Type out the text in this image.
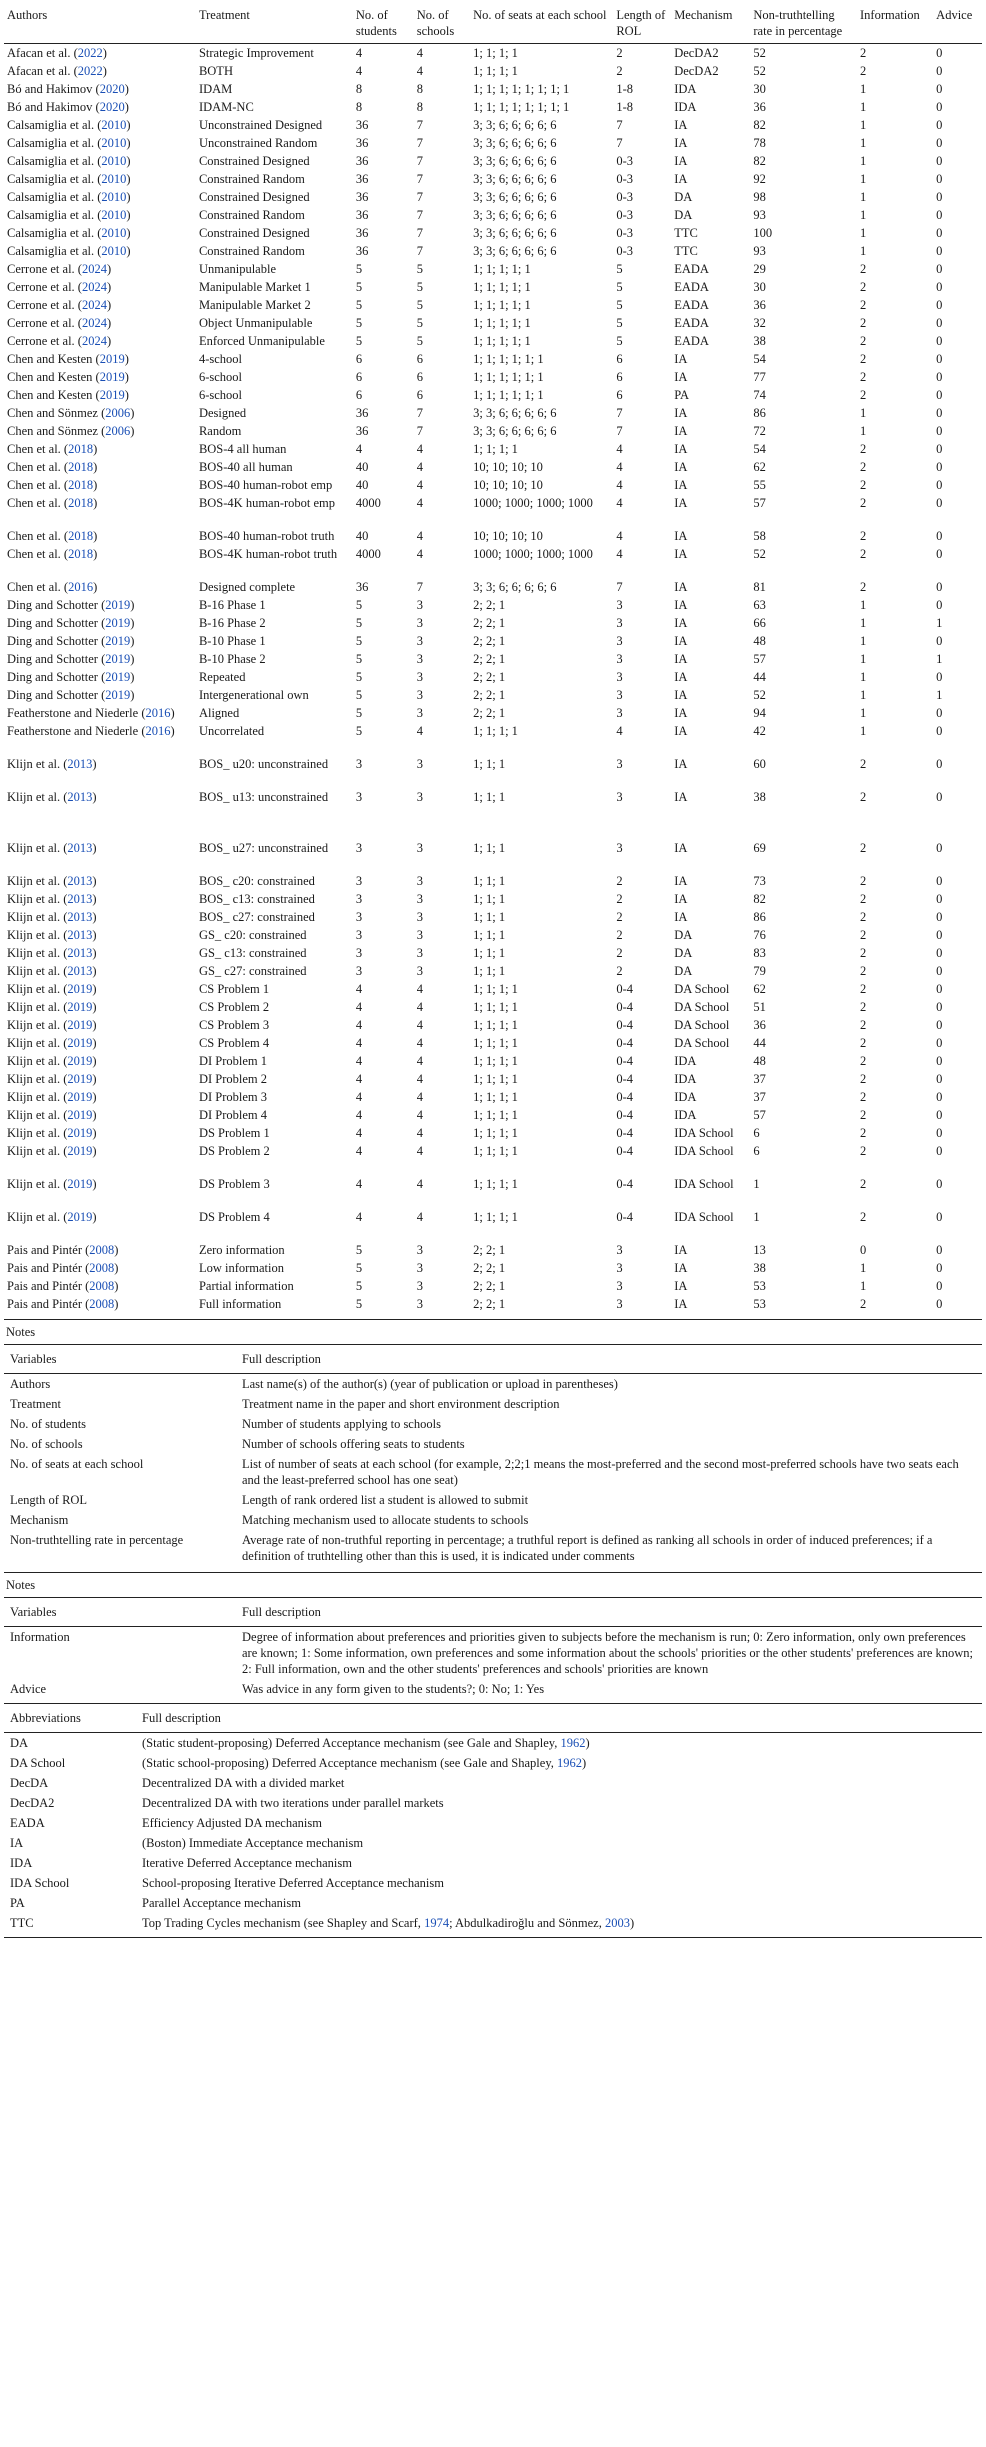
Authors	Treatment	No. of students	No. of schools	No. of seats at each school	Length of ROL	Mechanism	Non-truthtelling rate in percentage	Information	Advice
Afacan et al. (2022)	Strategic Improvement	4	4	1; 1; 1; 1	2	DecDA2	52	2	0
Afacan et al. (2022)	BOTH	4	4	1; 1; 1; 1	2	DecDA2	52	2	0
Bó and Hakimov (2020)	IDAM	8	8	1; 1; 1; 1; 1; 1; 1; 1	1-8	IDA	30	1	0
Bó and Hakimov (2020)	IDAM-NC	8	8	1; 1; 1; 1; 1; 1; 1; 1	1-8	IDA	36	1	0
Calsamiglia et al. (2010)	Unconstrained Designed	36	7	3; 3; 6; 6; 6; 6; 6	7	IA	82	1	0
Calsamiglia et al. (2010)	Unconstrained Random	36	7	3; 3; 6; 6; 6; 6; 6	7	IA	78	1	0
Calsamiglia et al. (2010)	Constrained Designed	36	7	3; 3; 6; 6; 6; 6; 6	0-3	IA	82	1	0
Calsamiglia et al. (2010)	Constrained Random	36	7	3; 3; 6; 6; 6; 6; 6	0-3	IA	92	1	0
Calsamiglia et al. (2010)	Constrained Designed	36	7	3; 3; 6; 6; 6; 6; 6	0-3	DA	98	1	0
Calsamiglia et al. (2010)	Constrained Random	36	7	3; 3; 6; 6; 6; 6; 6	0-3	DA	93	1	0
Calsamiglia et al. (2010)	Constrained Designed	36	7	3; 3; 6; 6; 6; 6; 6	0-3	TTC	100	1	0
Calsamiglia et al. (2010)	Constrained Random	36	7	3; 3; 6; 6; 6; 6; 6	0-3	TTC	93	1	0
Cerrone et al. (2024)	Unmanipulable	5	5	1; 1; 1; 1; 1	5	EADA	29	2	0
Cerrone et al. (2024)	Manipulable Market 1	5	5	1; 1; 1; 1; 1	5	EADA	30	2	0
Cerrone et al. (2024)	Manipulable Market 2	5	5	1; 1; 1; 1; 1	5	EADA	36	2	0
Cerrone et al. (2024)	Object Unmanipulable	5	5	1; 1; 1; 1; 1	5	EADA	32	2	0
Cerrone et al. (2024)	Enforced Unmanipulable	5	5	1; 1; 1; 1; 1	5	EADA	38	2	0
Chen and Kesten (2019)	4-school	6	6	1; 1; 1; 1; 1; 1	6	IA	54	2	0
Chen and Kesten (2019)	6-school	6	6	1; 1; 1; 1; 1; 1	6	IA	77	2	0
Chen and Kesten (2019)	6-school	6	6	1; 1; 1; 1; 1; 1	6	PA	74	2	0
Chen and Sönmez (2006)	Designed	36	7	3; 3; 6; 6; 6; 6; 6	7	IA	86	1	0
Chen and Sönmez (2006)	Random	36	7	3; 3; 6; 6; 6; 6; 6	7	IA	72	1	0
Chen et al. (2018)	BOS-4 all human	4	4	1; 1; 1; 1	4	IA	54	2	0
Chen et al. (2018)	BOS-40 all human	40	4	10; 10; 10; 10	4	IA	62	2	0
Chen et al. (2018)	BOS-40 human-robot emp	40	4	10; 10; 10; 10	4	IA	55	2	0
Chen et al. (2018)	BOS-4K human-robot emp	4000	4	1000; 1000; 1000; 1000	4	IA	57	2	0
Chen et al. (2018)	BOS-40 human-robot truth	40	4	10; 10; 10; 10	4	IA	58	2	0
Chen et al. (2018)	BOS-4K human-robot truth	4000	4	1000; 1000; 1000; 1000	4	IA	52	2	0
Chen et al. (2016)	Designed complete	36	7	3; 3; 6; 6; 6; 6; 6	7	IA	81	2	0
Ding and Schotter (2019)	B-16 Phase 1	5	3	2; 2; 1	3	IA	63	1	0
Ding and Schotter (2019)	B-16 Phase 2	5	3	2; 2; 1	3	IA	66	1	1
Ding and Schotter (2019)	B-10 Phase 1	5	3	2; 2; 1	3	IA	48	1	0
Ding and Schotter (2019)	B-10 Phase 2	5	3	2; 2; 1	3	IA	57	1	1
Ding and Schotter (2019)	Repeated	5	3	2; 2; 1	3	IA	44	1	0
Ding and Schotter (2019)	Intergenerational own	5	3	2; 2; 1	3	IA	52	1	1
Featherstone and Niederle (2016)	Aligned	5	3	2; 2; 1	3	IA	94	1	0
Featherstone and Niederle (2016)	Uncorrelated	5	4	1; 1; 1; 1	4	IA	42	1	0
Klijn et al. (2013)	BOS_ u20: unconstrained	3	3	1; 1; 1	3	IA	60	2	0
Klijn et al. (2013)	BOS_ u13: unconstrained	3	3	1; 1; 1	3	IA	38	2	0
Klijn et al. (2013)	BOS_ u27: unconstrained	3	3	1; 1; 1	3	IA	69	2	0
Klijn et al. (2013)	BOS_ c20: constrained	3	3	1; 1; 1	2	IA	73	2	0
Klijn et al. (2013)	BOS_ c13: constrained	3	3	1; 1; 1	2	IA	82	2	0
Klijn et al. (2013)	BOS_ c27: constrained	3	3	1; 1; 1	2	IA	86	2	0
Klijn et al. (2013)	GS_ c20: constrained	3	3	1; 1; 1	2	DA	76	2	0
Klijn et al. (2013)	GS_ c13: constrained	3	3	1; 1; 1	2	DA	83	2	0
Klijn et al. (2013)	GS_ c27: constrained	3	3	1; 1; 1	2	DA	79	2	0
Klijn et al. (2019)	CS Problem 1	4	4	1; 1; 1; 1	0-4	DA School	62	2	0
Klijn et al. (2019)	CS Problem 2	4	4	1; 1; 1; 1	0-4	DA School	51	2	0
Klijn et al. (2019)	CS Problem 3	4	4	1; 1; 1; 1	0-4	DA School	36	2	0
Klijn et al. (2019)	CS Problem 4	4	4	1; 1; 1; 1	0-4	DA School	44	2	0
Klijn et al. (2019)	DI Problem 1	4	4	1; 1; 1; 1	0-4	IDA	48	2	0
Klijn et al. (2019)	DI Problem 2	4	4	1; 1; 1; 1	0-4	IDA	37	2	0
Klijn et al. (2019)	DI Problem 3	4	4	1; 1; 1; 1	0-4	IDA	37	2	0
Klijn et al. (2019)	DI Problem 4	4	4	1; 1; 1; 1	0-4	IDA	57	2	0
Klijn et al. (2019)	DS Problem 1	4	4	1; 1; 1; 1	0-4	IDA School	6	2	0
Klijn et al. (2019)	DS Problem 2	4	4	1; 1; 1; 1	0-4	IDA School	6	2	0
Klijn et al. (2019)	DS Problem 3	4	4	1; 1; 1; 1	0-4	IDA School	1	2	0
Klijn et al. (2019)	DS Problem 4	4	4	1; 1; 1; 1	0-4	IDA School	1	2	0
Pais and Pintér (2008)	Zero information	5	3	2; 2; 1	3	IA	13	0	0
Pais and Pintér (2008)	Low information	5	3	2; 2; 1	3	IA	38	1	0
Pais and Pintér (2008)	Partial information	5	3	2; 2; 1	3	IA	53	1	0
Pais and Pintér (2008)	Full information	5	3	2; 2; 1	3	IA	53	2	0
Notes
Variables	Full description
Authors	Last name(s) of the author(s) (year of publication or upload in parentheses)
Treatment	Treatment name in the paper and short environment description
No. of students	Number of students applying to schools
No. of schools	Number of schools offering seats to students
No. of seats at each school	List of number of seats at each school (for example, 2;2;1 means the most-preferred and the second most-preferred schools have two seats each and the least-preferred school has one seat)
Length of ROL	Length of rank ordered list a student is allowed to submit
Mechanism	Matching mechanism used to allocate students to schools
Non-truthtelling rate in percentage	Average rate of non-truthful reporting in percentage; a truthful report is defined as ranking all schools in order of induced preferences; if a definition of truthtelling other than this is used, it is indicated under comments
Notes
Variables	Full description
Information	Degree of information about preferences and priorities given to subjects before the mechanism is run; 0: Zero information, only own preferences are known; 1: Some information, own preferences and some information about the schools' priorities or the other students' preferences are known; 2: Full information, own and the other students' preferences and schools' priorities are known
Advice	Was advice in any form given to the students?; 0: No; 1: Yes
Abbreviations	Full description
DA	(Static student-proposing) Deferred Acceptance mechanism (see Gale and Shapley, 1962)
DA School	(Static school-proposing) Deferred Acceptance mechanism (see Gale and Shapley, 1962)
DecDA	Decentralized DA with a divided market
DecDA2	Decentralized DA with two iterations under parallel markets
EADA	Efficiency Adjusted DA mechanism
IA	(Boston) Immediate Acceptance mechanism
IDA	Iterative Deferred Acceptance mechanism
IDA School	School-proposing Iterative Deferred Acceptance mechanism
PA	Parallel Acceptance mechanism
TTC	Top Trading Cycles mechanism (see Shapley and Scarf, 1974; Abdulkadiroğlu and Sönmez, 2003)
